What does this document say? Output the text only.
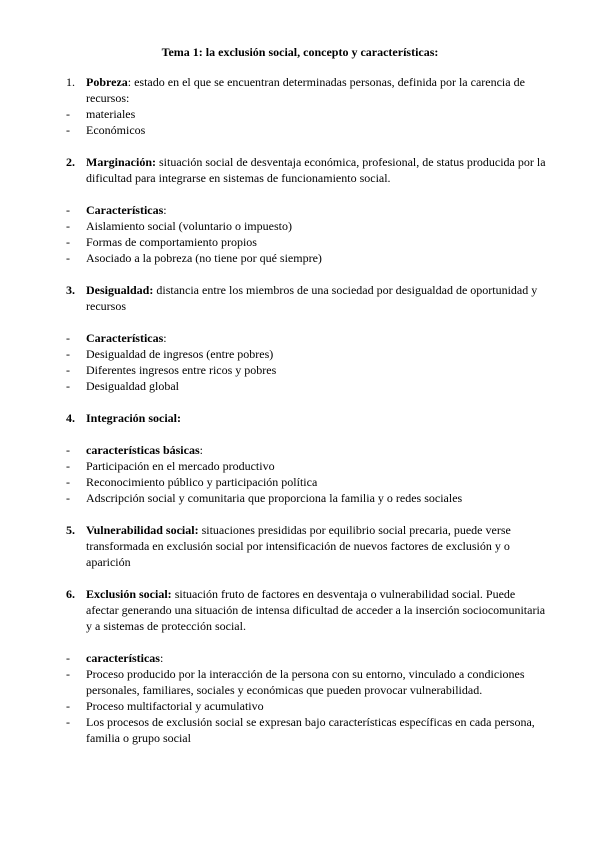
Tema 1: la exclusión social, concepto y características:
1. Pobreza: estado en el que se encuentran determinadas personas, definida por la carencia de recursos:
- materiales
- Económicos
2. Marginación: situación social de desventaja económica, profesional, de status producida por la dificultad para integrarse en sistemas de funcionamiento social.
- Características:
- Aislamiento social (voluntario o impuesto)
- Formas de comportamiento propios
- Asociado a la pobreza (no tiene por qué siempre)
3. Desigualdad: distancia entre los miembros de una sociedad por desigualdad de oportunidad y recursos
- Características:
- Desigualdad de ingresos (entre pobres)
- Diferentes ingresos entre ricos y pobres
- Desigualdad global
4. Integración social:
- características básicas:
- Participación en el mercado productivo
- Reconocimiento público y participación política
- Adscripción social y comunitaria que proporciona la familia y o redes sociales
5. Vulnerabilidad social: situaciones presididas por equilibrio social precaria, puede verse transformada en exclusión social por intensificación de nuevos factores de exclusión y o aparición
6. Exclusión social: situación fruto de factores en desventaja o vulnerabilidad social. Puede afectar generando una situación de intensa dificultad de acceder a la inserción sociocomunitaria y a sistemas de protección social.
- características:
- Proceso producido por la interacción de la persona con su entorno, vinculado a condiciones personales, familiares, sociales y económicas que pueden provocar vulnerabilidad.
- Proceso multifactorial y acumulativo
- Los procesos de exclusión social se expresan bajo características específicas en cada persona, familia o grupo social
